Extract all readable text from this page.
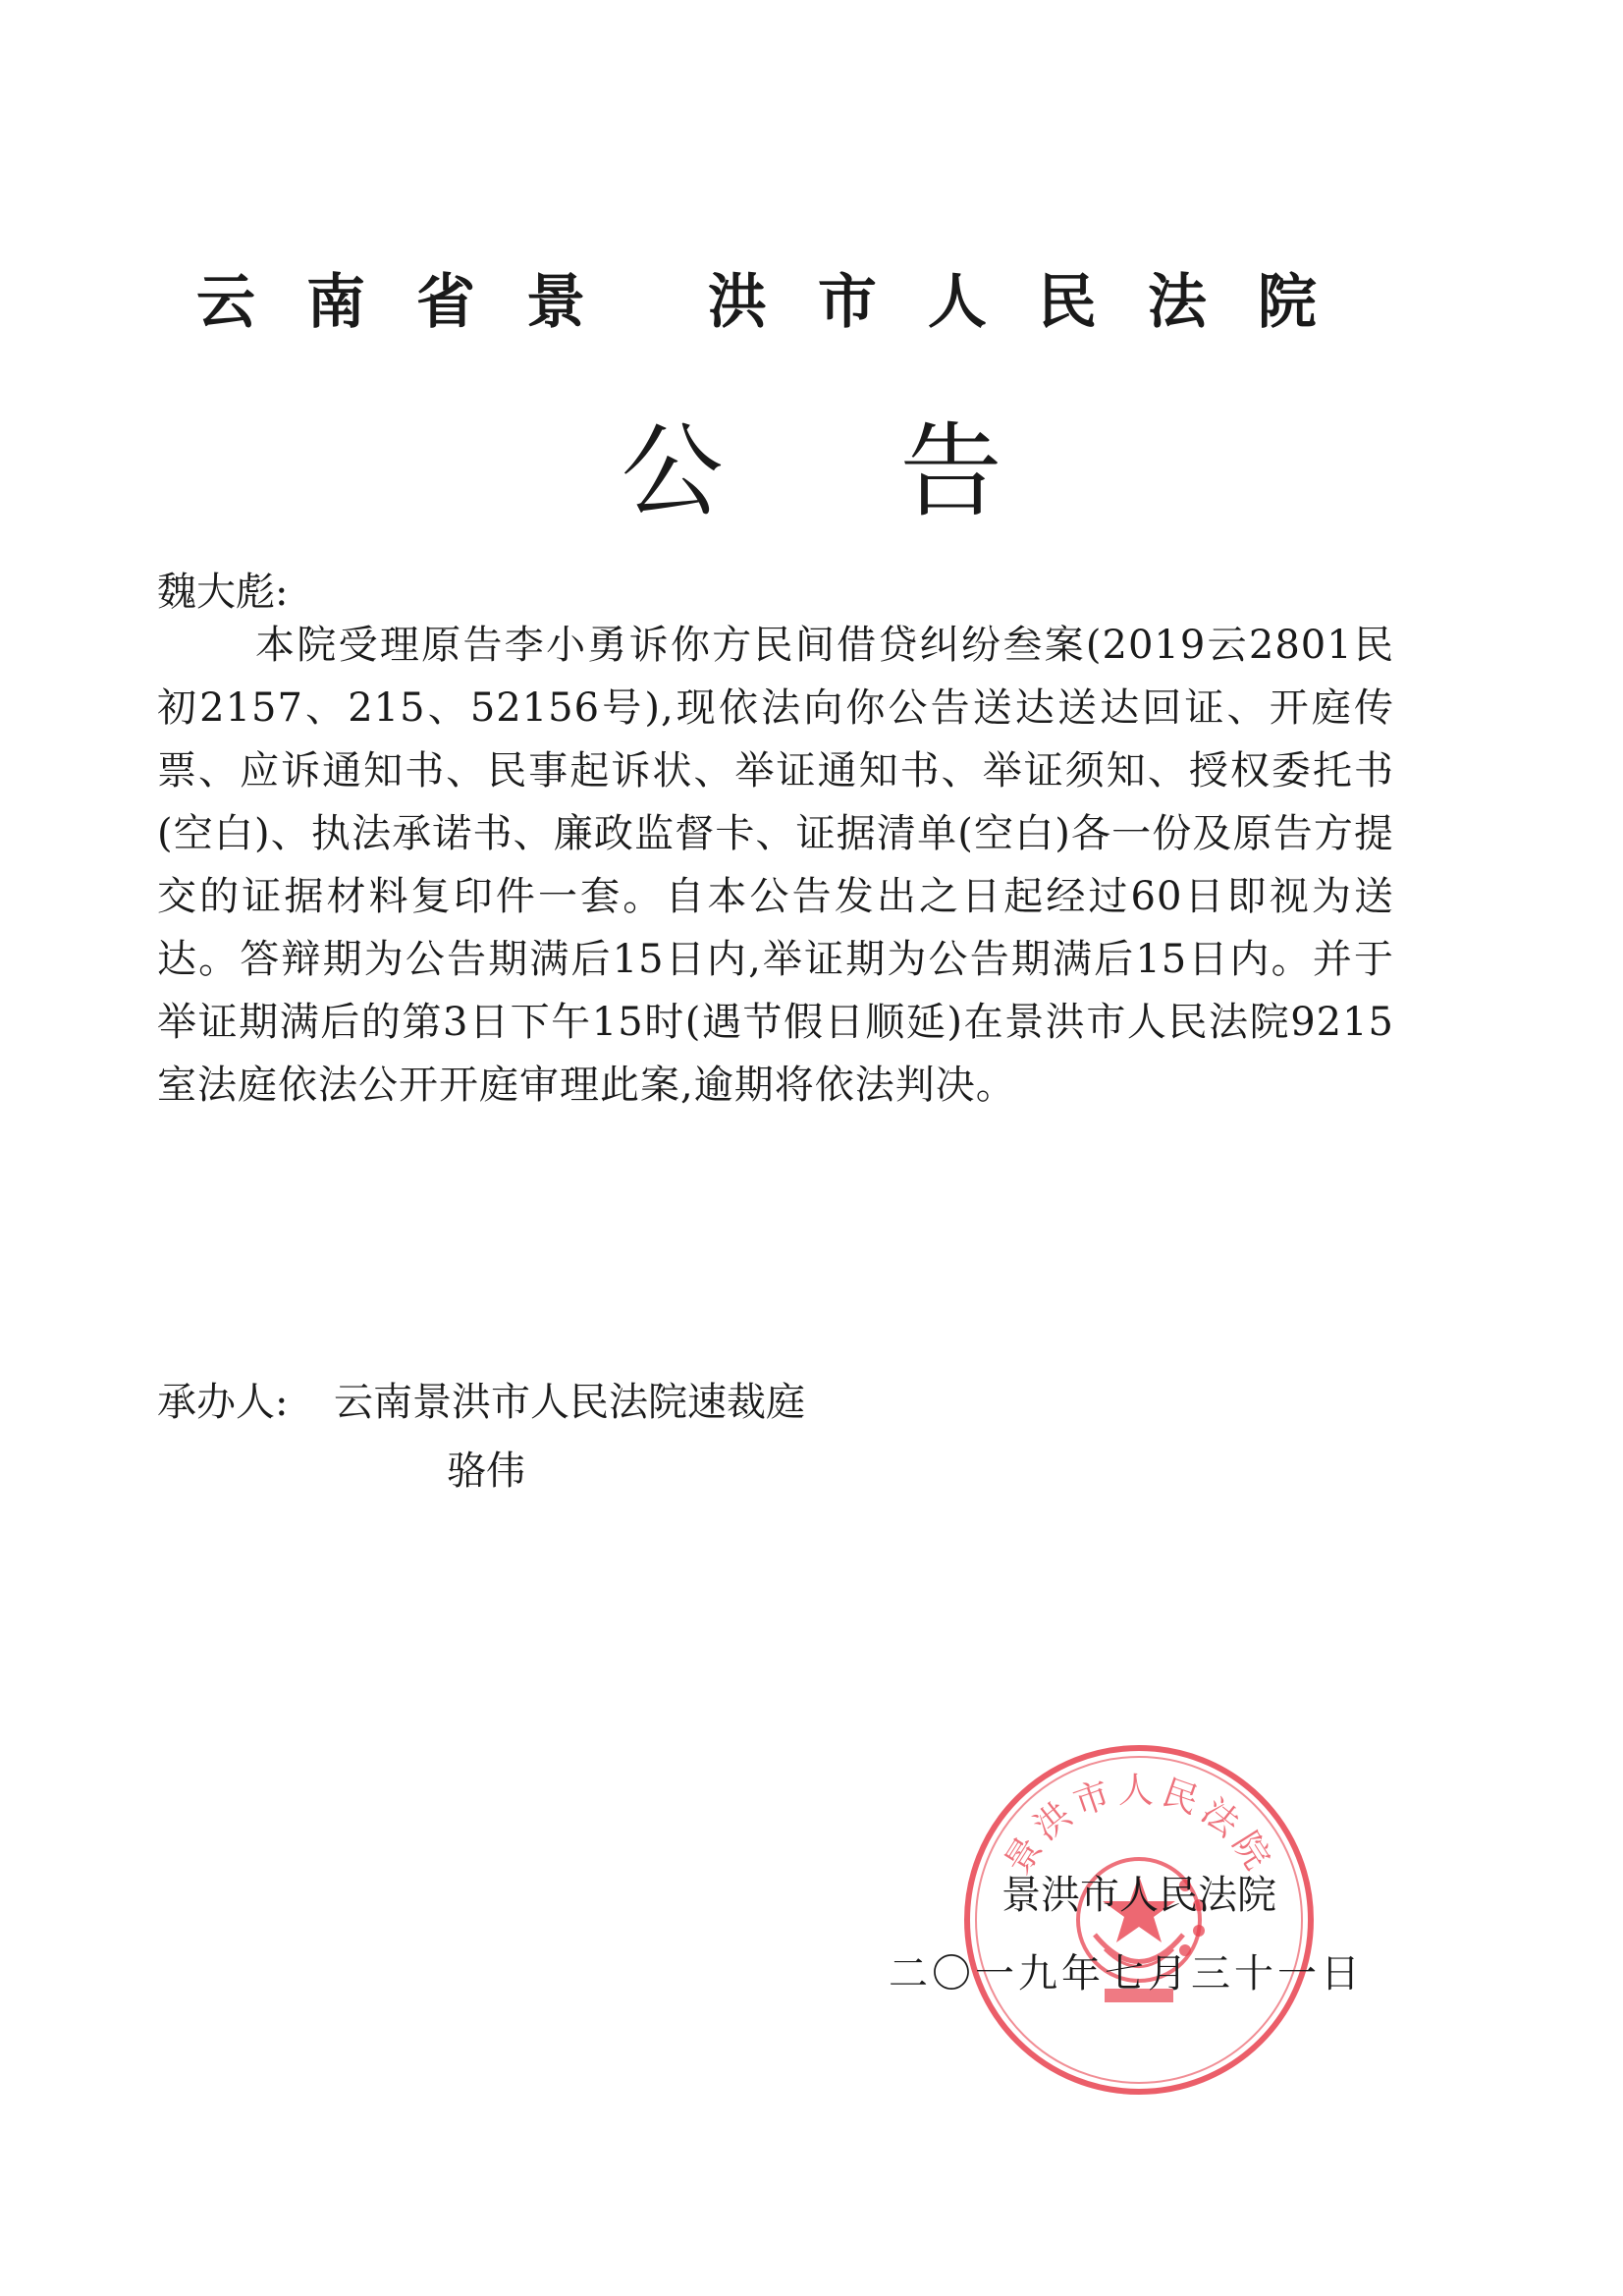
云南省景 洪市人民法院
公告
魏大彪:
本院受理原告李小勇诉你方民间借贷纠纷叁案(2019云2801民初2157、215、52156号),现依法向你公告送达送达回证、开庭传票、应诉通知书、民事起诉状、举证通知书、举证须知、授权委托书(空白)、执法承诺书、廉政监督卡、证据清单(空白)各一份及原告方提交的证据材料复印件一套。自本公告发出之日起经过60日即视为送达。答辩期为公告期满后15日内,举证期为公告期满后15日内。并于举证期满后的第3日下午15时(遇节假日顺延)在景洪市人民法院9215室法庭依法公开开庭审理此案,逾期将依法判决。
承办人: 云南景洪市人民法院速裁庭
骆伟
景洪市人民法院
景洪市人民法院
二〇一九年七月三十一日
